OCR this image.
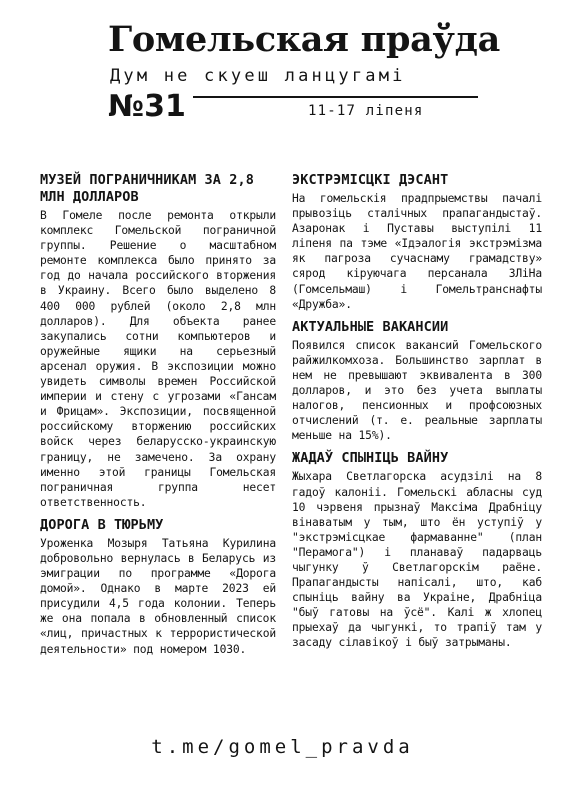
Гомельская праўда
Дум не скуеш ланцугамі
№31	11-17 ліпеня
МУЗЕЙ ПОГРАНИЧНИКАМ ЗА 2,8 МЛН ДОЛЛАРОВ

В Гомеле после ремонта открыли комплекс Гомельской пограничной группы. Решение о масштабном ремонте комплекса было принято за год до начала российского вторжения в Украину. Всего было выделено 8 400 000 рублей (около 2,8 млн долларов). Для объекта ранее закупались сотни компьютеров и оружейные ящики на серьезный арсенал оружия. В экспозиции можно увидеть символы времен Российской империи и стену с угрозами «Гансам и Фрицам». Экспозиции, посвященной российскому вторжению российских войск через беларусско-украинскую границу, не замечено. За охрану именно этой границы Гомельская пограничная группа несет ответственность.

ДОРОГА В ТЮРЬМУ

Уроженка Мозыря Татьяна Курилина добровольно вернулась в Беларусь из эмиграции по программе «Дорога домой». Однако в марте 2023 ей присудили 4,5 года колонии. Теперь же она попала в обновленный список «лиц, причастных к террористической деятельности» под номером 1030.

ЭКСТРЭМІСЦКІ ДЭСАНТ

На гомельскія прадпрыемствы пачалі прывозіць сталічных прапагандыстаў. Азаронак і Пуставы выступілі 11 ліпеня па тэме «Ідэалогія экстрэмізма як пагроза сучаснаму грамадству» сярод кіруючага персанала ЗЛіНа (Гомсельмаш) і Гомельтранснафты «Дружба».

АКТУАЛЬНЫЕ ВАКАНСИИ

Появился список вакансий Гомельского райжилкомхоза. Большинство зарплат в нем не превышают эквивалента в 300 долларов, и это без учета выплаты налогов, пенсионных и профсоюзных отчислений (т. е. реальные зарплаты меньше на 15%).

ЖАДАЎ СПЫНІЦЬ ВАЙНУ

Жыхара Светлагорска асудзілі на 8 гадоў калоніі. Гомельскі абласны суд 10 чэрвеня прызнаў Максіма Драбніцу вінаватым у тым, што ён уступіў у "экстрэмісцкае фармаванне" (план "Перамога") і планаваў падарваць чыгунку ў Светлагорскім раёне. Прапагандысты напісалі, што, каб спыніць вайну ва Украіне, Драбніца "быў гатовы на ўсё". Калі ж хлопец прыехаў да чыгункі, то трапіў там у засаду сілавікоў і быў затрыманы.

t.me/gomel_pravda
